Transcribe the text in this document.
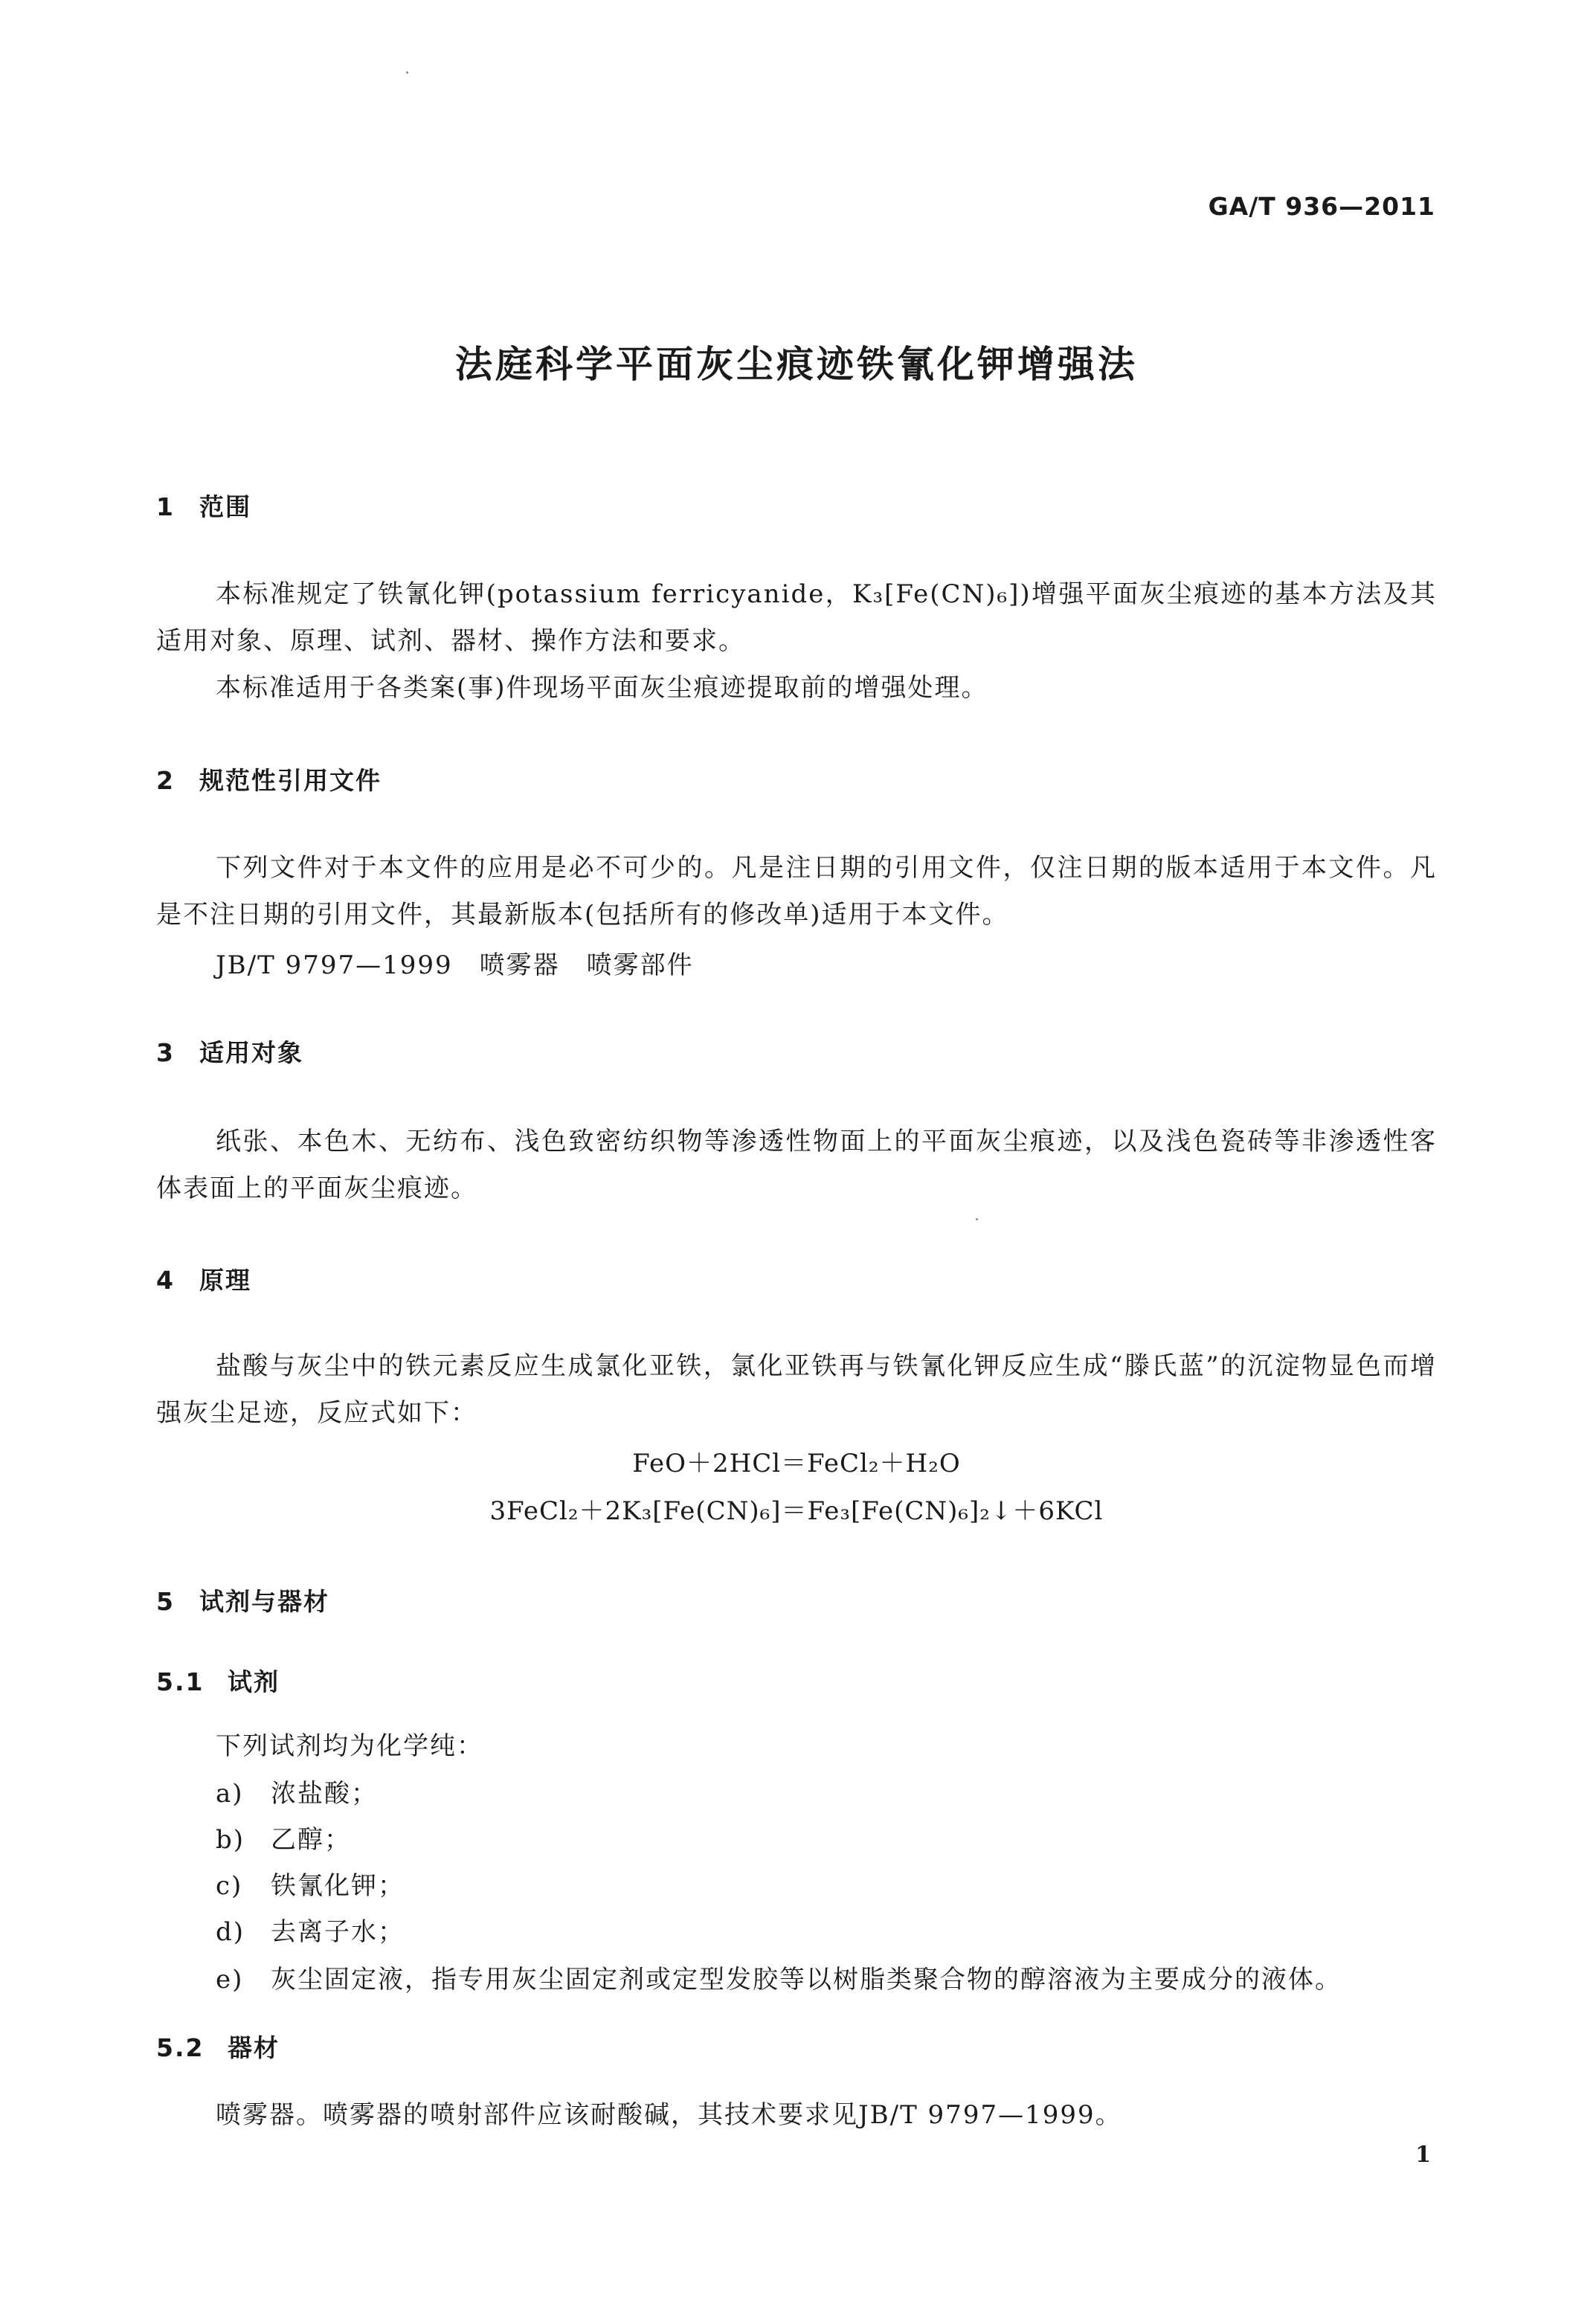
GA/T 936—2011
法庭科学平面灰尘痕迹铁氰化钾增强法
1 范围
本标准规定了铁氰化钾(potassium ferricyanide，K₃[Fe(CN)₆])增强平面灰尘痕迹的基本方法及其适用对象、原理、试剂、器材、操作方法和要求。
本标准适用于各类案(事)件现场平面灰尘痕迹提取前的增强处理。
2 规范性引用文件
下列文件对于本文件的应用是必不可少的。凡是注日期的引用文件，仅注日期的版本适用于本文件。凡是不注日期的引用文件，其最新版本(包括所有的修改单)适用于本文件。
JB/T 9797—1999　喷雾器　喷雾部件
3 适用对象
纸张、本色木、无纺布、浅色致密纺织物等渗透性物面上的平面灰尘痕迹，以及浅色瓷砖等非渗透性客体表面上的平面灰尘痕迹。
4 原理
盐酸与灰尘中的铁元素反应生成氯化亚铁，氯化亚铁再与铁氰化钾反应生成“滕氏蓝”的沉淀物显色而增强灰尘足迹，反应式如下：
FeO＋2HCl＝FeCl₂＋H₂O
3FeCl₂＋2K₃[Fe(CN)₆]＝Fe₃[Fe(CN)₆]₂↓＋6KCl
5 试剂与器材
5.1 试剂
下列试剂均为化学纯：
a) 浓盐酸；
b) 乙醇；
c) 铁氰化钾；
d) 去离子水；
e) 灰尘固定液，指专用灰尘固定剂或定型发胶等以树脂类聚合物的醇溶液为主要成分的液体。
5.2 器材
喷雾器。喷雾器的喷射部件应该耐酸碱，其技术要求见JB/T 9797—1999。
1
